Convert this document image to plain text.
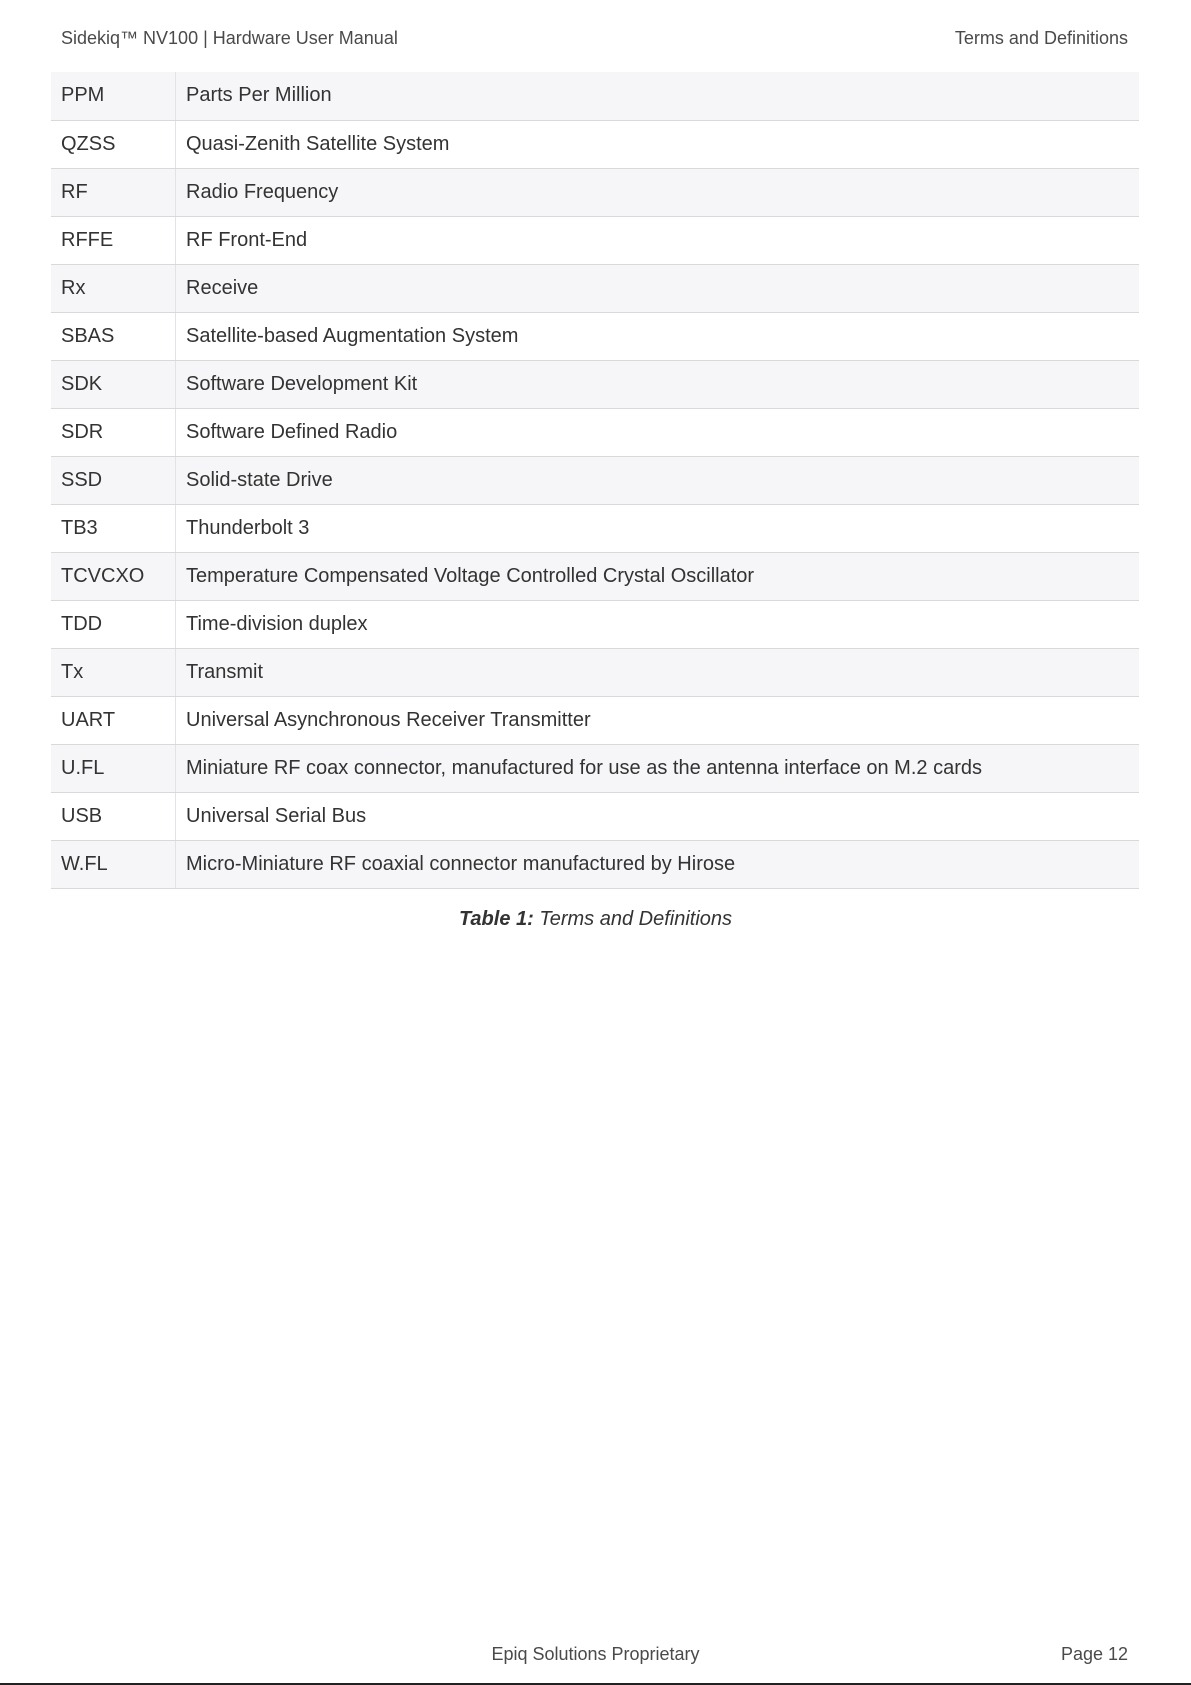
Sidekiq™ NV100 | Hardware User Manual	Terms and Definitions
PPM	Parts Per Million
QZSS	Quasi-Zenith Satellite System
RF	Radio Frequency
RFFE	RF Front-End
Rx	Receive
SBAS	Satellite-based Augmentation System
SDK	Software Development Kit
SDR	Software Defined Radio
SSD	Solid-state Drive
TB3	Thunderbolt 3
TCVCXO	Temperature Compensated Voltage Controlled Crystal Oscillator
TDD	Time-division duplex
Tx	Transmit
UART	Universal Asynchronous Receiver Transmitter
U.FL	Miniature RF coax connector, manufactured for use as the antenna interface on M.2 cards
USB	Universal Serial Bus
W.FL	Micro-Miniature RF coaxial connector manufactured by Hirose
Table 1: Terms and Definitions
Epiq Solutions Proprietary	Page 12
